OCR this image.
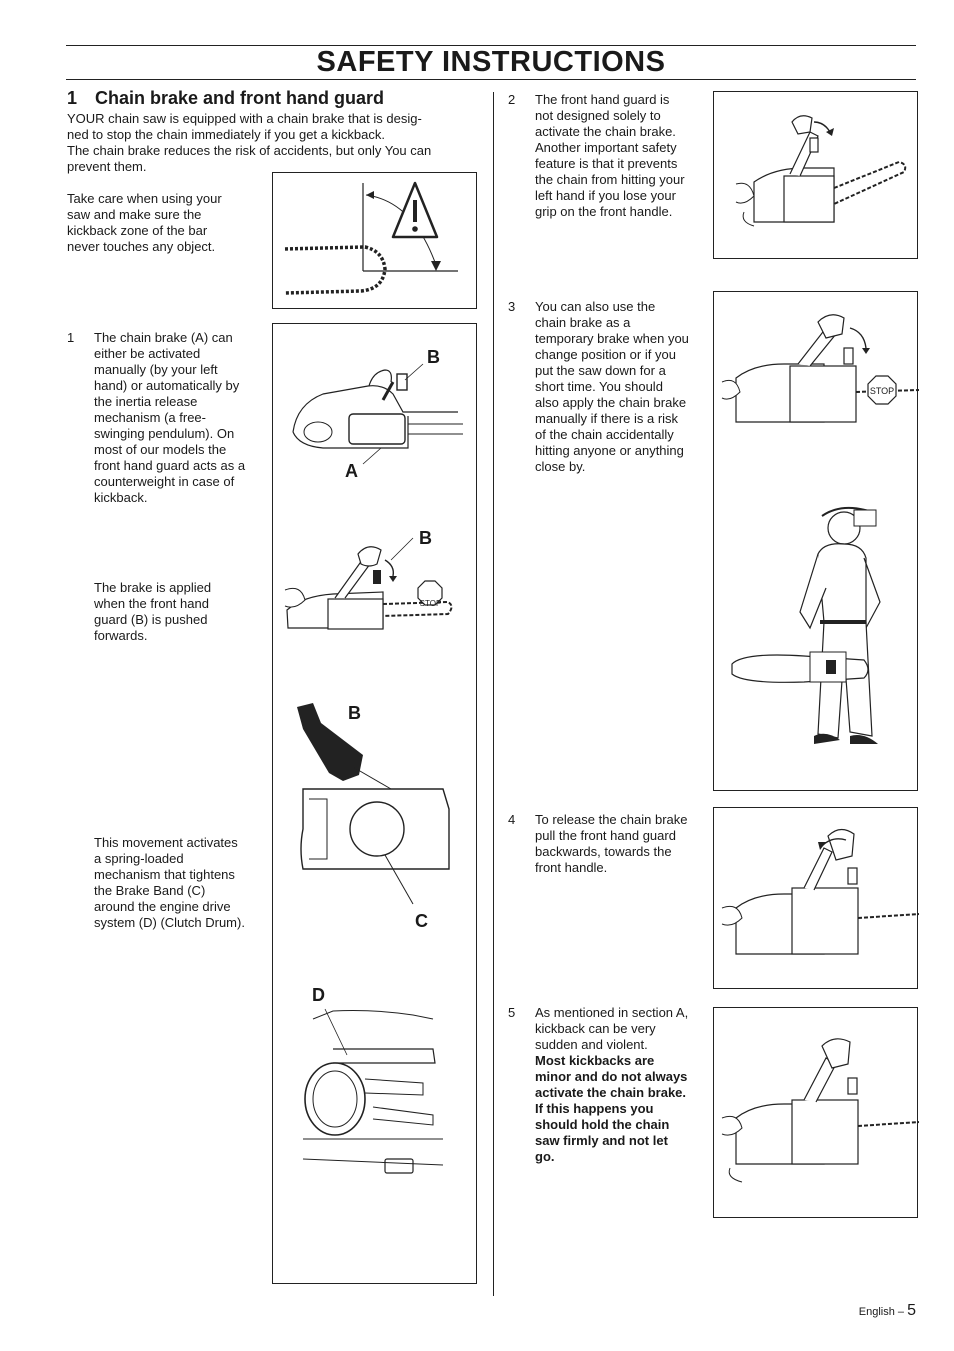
SAFETY INSTRUCTIONS
1 Chain brake and front hand guard
YOUR chain saw is equipped with a chain brake that is desig-
ned to stop the chain immediately if you get a kickback.
The chain brake reduces the risk of accidents, but only You can
prevent them.
Take care when using your
saw and make sure the
kickback zone of the bar
never touches any object.
1 The chain brake (A) can
either be activated
manually (by your left
hand) or automatically by
the inertia release
mechanism (a free-
swinging pendulum). On
most of our models the
front hand guard acts as a
counterweight in case of
kickback.
The brake is applied
when the front hand
guard (B) is pushed
forwards.
This movement activates
a spring-loaded
mechanism that tightens
the Brake Band (C)
around the engine drive
system (D) (Clutch Drum).
B
A
B
STOP
B
C
D
2 The front hand guard is
not designed solely to
activate the chain brake.
Another important safety
feature is that it prevents
the chain from hitting your
left hand if you lose your
grip on the front handle.
3 You can also use the
chain brake as a
temporary brake when you
change position or if you
put the saw down for a
short time. You should
also apply the chain brake
manually if there is a risk
of the chain accidentally
hitting anyone or anything
close by.
STOP
4 To release the chain brake
pull the front hand guard
backwards, towards the
front handle.
5 As mentioned in section A,
kickback can be very
sudden and violent.
Most kickbacks are
minor and do not always
activate the chain brake.
If this happens you
should hold the chain
saw firmly and not let
go.
English – 5
